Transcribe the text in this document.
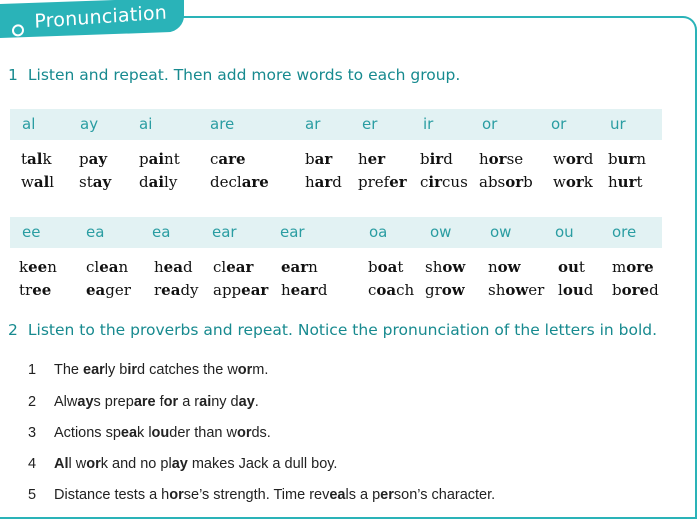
Pronunciation
1 Listen and repeat. Then add more words to each group.
al	ay	ai	are	ar	er	ir	or	or	ur
talk pay paint care	bar her bird horse word burn
wall stay daily declare hard prefer circus absorb work hurt
ee	ea	ea	ear	ear	oa	ow	ow	ou	ore
keen clean head clear earn	boat show now out more
tree eager ready appear heard	coach grow shower loud bored
2 Listen to the proverbs and repeat. Notice the pronunciation of the letters in bold.
1 The early bird catches the worm.
2 Always prepare for a rainy day.
3 Actions speak louder than words.
4 All work and no play makes Jack a dull boy.
5 Distance tests a horse’s strength. Time reveals a person’s character.
